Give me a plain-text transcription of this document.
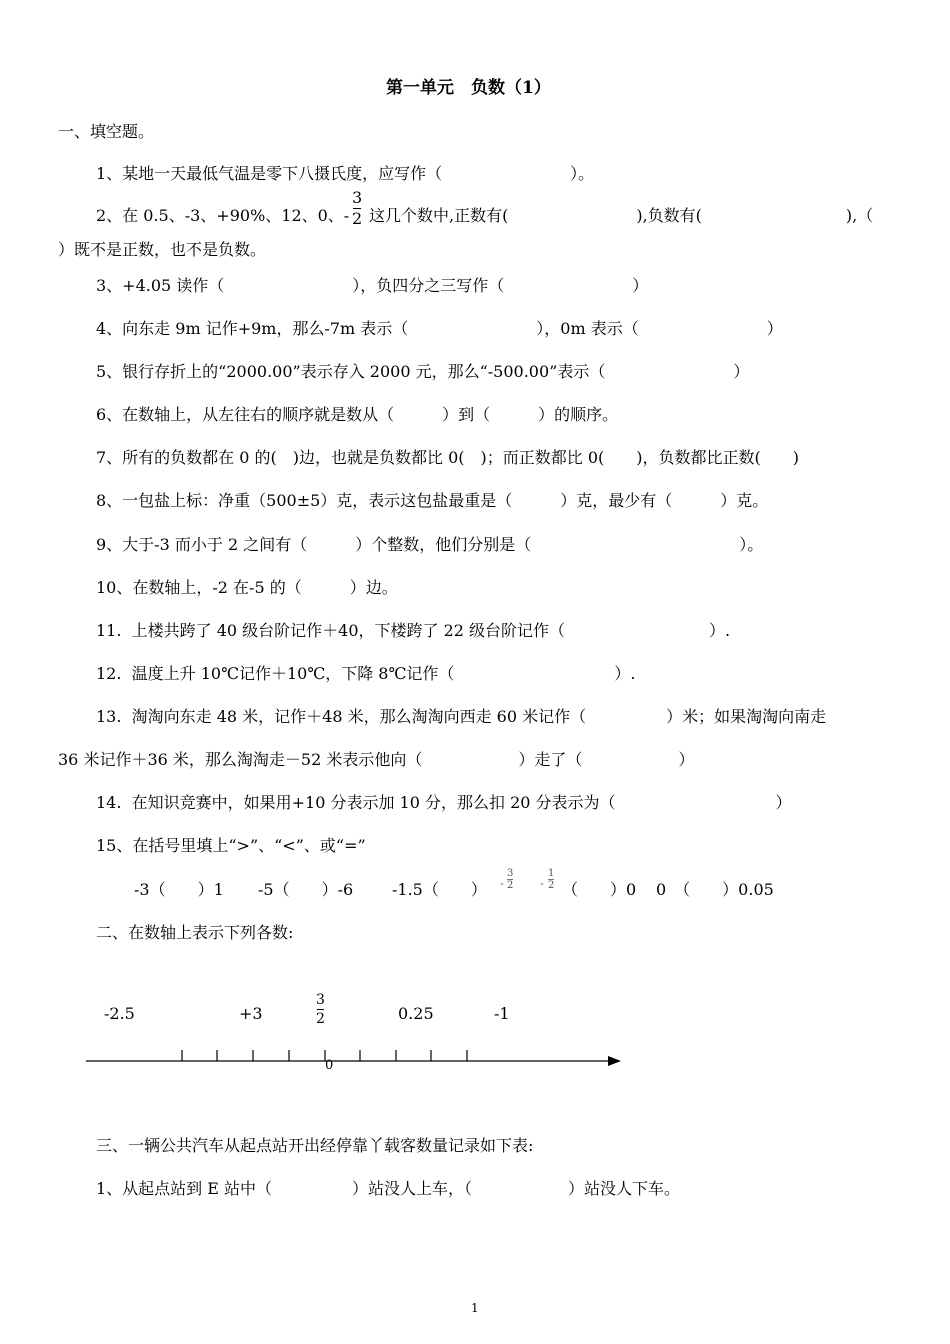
第一单元　负数（1）
一、填空题。
1、某地一天最低气温是零下八摄氏度，应写作（　　　　　　　　）。
2、在 0.5、-3、+90%、12、0、-
3
2 这几个数中,正数有(　　　　　　　　),负数有(　　　　　　　　　),（
）既不是正数，也不是负数。
3、+4.05 读作（　　　　　　　　），负四分之三写作（　　　　　　　　）
4、向东走 9m 记作+9m，那么-7m 表示（　　　　　　　　），0m 表示（　　　　　　　　）
5、银行存折上的“2000.00”表示存入 2000 元，那么“-500.00”表示（　　　　　　　　）
6、在数轴上，从左往右的顺序就是数从（　　　）到（　　　）的顺序。
7、所有的负数都在 0 的(　)边，也就是负数都比 0(　)；而正数都比 0(　　)，负数都比正数(　　)
8、一包盐上标：净重（500±5）克，表示这包盐最重是（　　　）克，最少有（　　　）克。
9、大于-3 而小于 2 之间有（　　　）个整数，他们分别是（　　　　　　　　　　　　　）。
10、在数轴上，-2 在-5 的（　　　）边。
11.  上楼共跨了 40 级台阶记作＋40，下楼跨了 22 级台阶记作（　　　　　　　　　）.
12.  温度上升 10℃记作＋10℃，下降 8℃记作（　　　　　　　　　　）.
13.  淘淘向东走 48 米，记作＋48 米，那么淘淘向西走 60 米记作（　　　　　）米；如果淘淘向南走
36 米记作＋36 米，那么淘淘走－52 米表示他向（　　　　　　）走了（　　　　　　）
14.  在知识竞赛中，如果用+10 分表示加 10 分，那么扣 20 分表示为（　　　　　　　　　　）
15、在括号里填上“>”、“<”、或“=”
-3（　　）1 -5（　　）-6 -1.5（　　） -
3
2 -
1
2 （　　）0 0　（　　）0.05
二、在数轴上表示下列各数:
-2.5	+3
3
2	0.25	-1
0
三、一辆公共汽车从起点站开出经停靠丫载客数量记录如下表:
1、从起点站到 E 站中（　　　　　）站没人上车，（　　　　　　）站没人下车。
1
